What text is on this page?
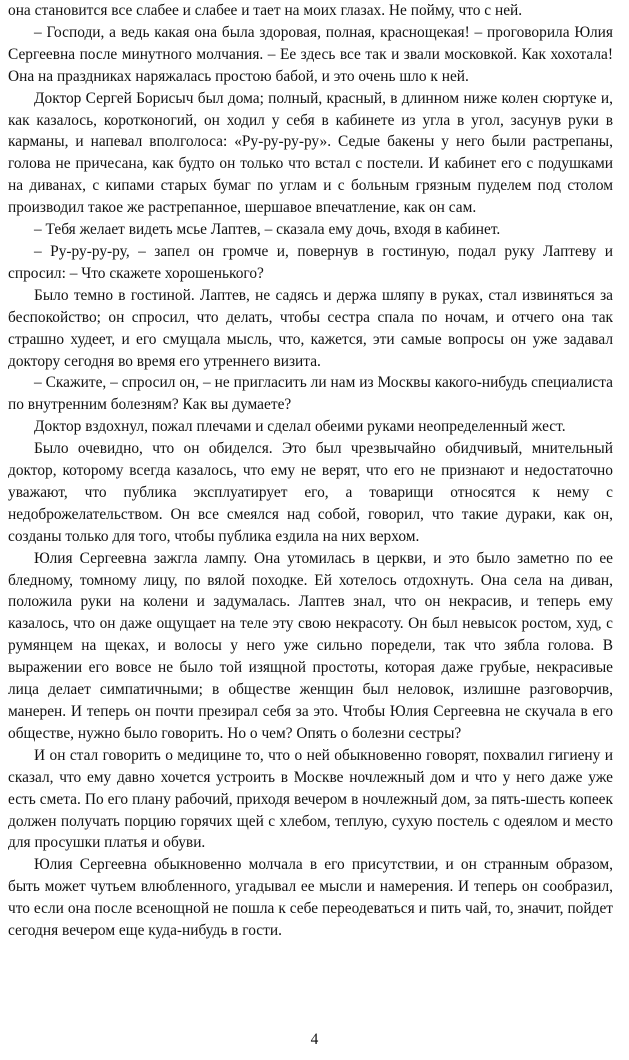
она становится все слабее и слабее и тает на моих глазах. Не пойму, что с ней.

– Господи, а ведь какая она была здоровая, полная, краснощекая! – проговорила Юлия Сергеевна после минутного молчания. – Ее здесь все так и звали московкой. Как хохотала! Она на праздниках наряжалась простою бабой, и это очень шло к ней.

Доктор Сергей Борисыч был дома; полный, красный, в длинном ниже колен сюртуке и, как казалось, коротконогий, он ходил у себя в кабинете из угла в угол, засунув руки в карманы, и напевал вполголоса: «Ру-ру-ру-ру». Седые бакены у него были растрепаны, голова не причесана, как будто он только что встал с постели. И кабинет его с подушками на диванах, с кипами старых бумаг по углам и с больным грязным пуделем под столом производил такое же растрепанное, шершавое впечатление, как он сам.

– Тебя желает видеть мсье Лаптев, – сказала ему дочь, входя в кабинет.

– Ру-ру-ру-ру, – запел он громче и, повернув в гостиную, подал руку Лаптеву и спросил: – Что скажете хорошенького?

Было темно в гостиной. Лаптев, не садясь и держа шляпу в руках, стал извиняться за беспокойство; он спросил, что делать, чтобы сестра спала по ночам, и отчего она так страшно худеет, и его смущала мысль, что, кажется, эти самые вопросы он уже задавал доктору сегодня во время его утреннего визита.

– Скажите, – спросил он, – не пригласить ли нам из Москвы какого-нибудь специалиста по внутренним болезням? Как вы думаете?

Доктор вздохнул, пожал плечами и сделал обеими руками неопределенный жест.

Было очевидно, что он обиделся. Это был чрезвычайно обидчивый, мнительный доктор, которому всегда казалось, что ему не верят, что его не признают и недостаточно уважают, что публика эксплуатирует его, а товарищи относятся к нему с недоброжелательством. Он все смеялся над собой, говорил, что такие дураки, как он, созданы только для того, чтобы публика ездила на них верхом.

Юлия Сергеевна зажгла лампу. Она утомилась в церкви, и это было заметно по ее бледному, томному лицу, по вялой походке. Ей хотелось отдохнуть. Она села на диван, положила руки на колени и задумалась. Лаптев знал, что он некрасив, и теперь ему казалось, что он даже ощущает на теле эту свою некрасоту. Он был невысок ростом, худ, с румянцем на щеках, и волосы у него уже сильно поредели, так что зябла голова. В выражении его вовсе не было той изящной простоты, которая даже грубые, некрасивые лица делает симпатичными; в обществе женщин был неловок, излишне разговорчив, манерен. И теперь он почти презирал себя за это. Чтобы Юлия Сергеевна не скучала в его обществе, нужно было говорить. Но о чем? Опять о болезни сестры?

И он стал говорить о медицине то, что о ней обыкновенно говорят, похвалил гигиену и сказал, что ему давно хочется устроить в Москве ночлежный дом и что у него даже уже есть смета. По его плану рабочий, приходя вечером в ночлежный дом, за пять-шесть копеек должен получать порцию горячих щей с хлебом, теплую, сухую постель с одеялом и место для просушки платья и обуви.

Юлия Сергеевна обыкновенно молчала в его присутствии, и он странным образом, быть может чутьем влюбленного, угадывал ее мысли и намерения. И теперь он сообразил, что если она после всенощной не пошла к себе переодеваться и пить чай, то, значит, пойдет сегодня вечером еще куда-нибудь в гости.

4
